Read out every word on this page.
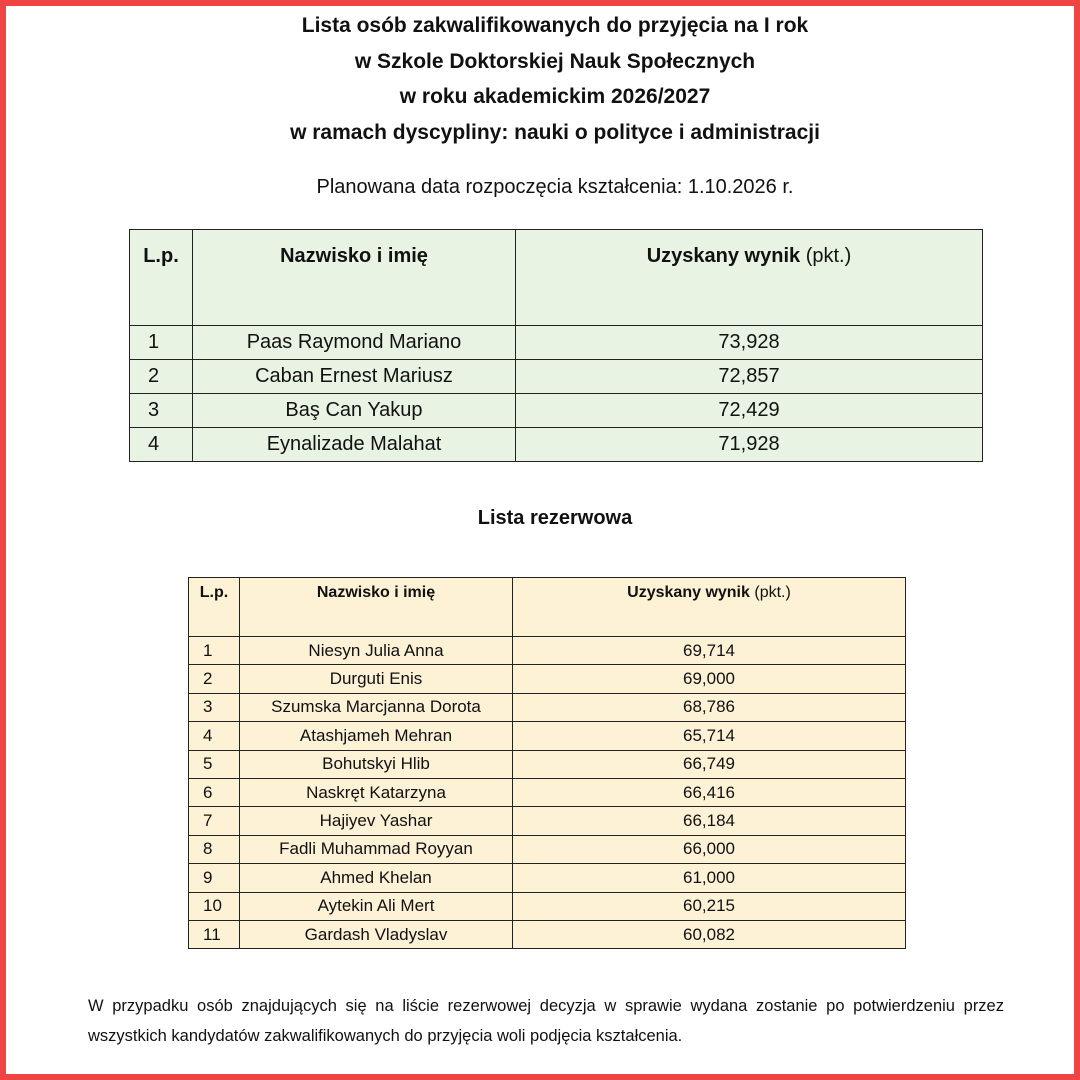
Lista osób zakwalifikowanych do przyjęcia na I rok
w Szkole Doktorskiej Nauk Społecznych
w roku akademickim 2026/2027
w ramach dyscypliny: nauki o polityce i administracji
Planowana data rozpoczęcia kształcenia: 1.10.2026 r.
L.p.	Nazwisko i imię	Uzyskany wynik (pkt.)
1	Paas Raymond Mariano	73,928
2	Caban Ernest Mariusz	72,857
3	Baş Can Yakup	72,429
4	Eynalizade Malahat	71,928
Lista rezerwowa
L.p.	Nazwisko i imię	Uzyskany wynik (pkt.)
1	Niesyn Julia Anna	69,714
2	Durguti Enis	69,000
3	Szumska Marcjanna Dorota	68,786
4	Atashjameh Mehran	65,714
5	Bohutskyi Hlib	66,749
6	Naskręt Katarzyna	66,416
7	Hajiyev Yashar	66,184
8	Fadli Muhammad Royyan	66,000
9	Ahmed Khelan	61,000
10	Aytekin Ali Mert	60,215
11	Gardash Vladyslav	60,082
W przypadku osób znajdujących się na liście rezerwowej decyzja w sprawie wydana zostanie po potwierdzeniu przez wszystkich kandydatów zakwalifikowanych do przyjęcia woli podjęcia kształcenia.
